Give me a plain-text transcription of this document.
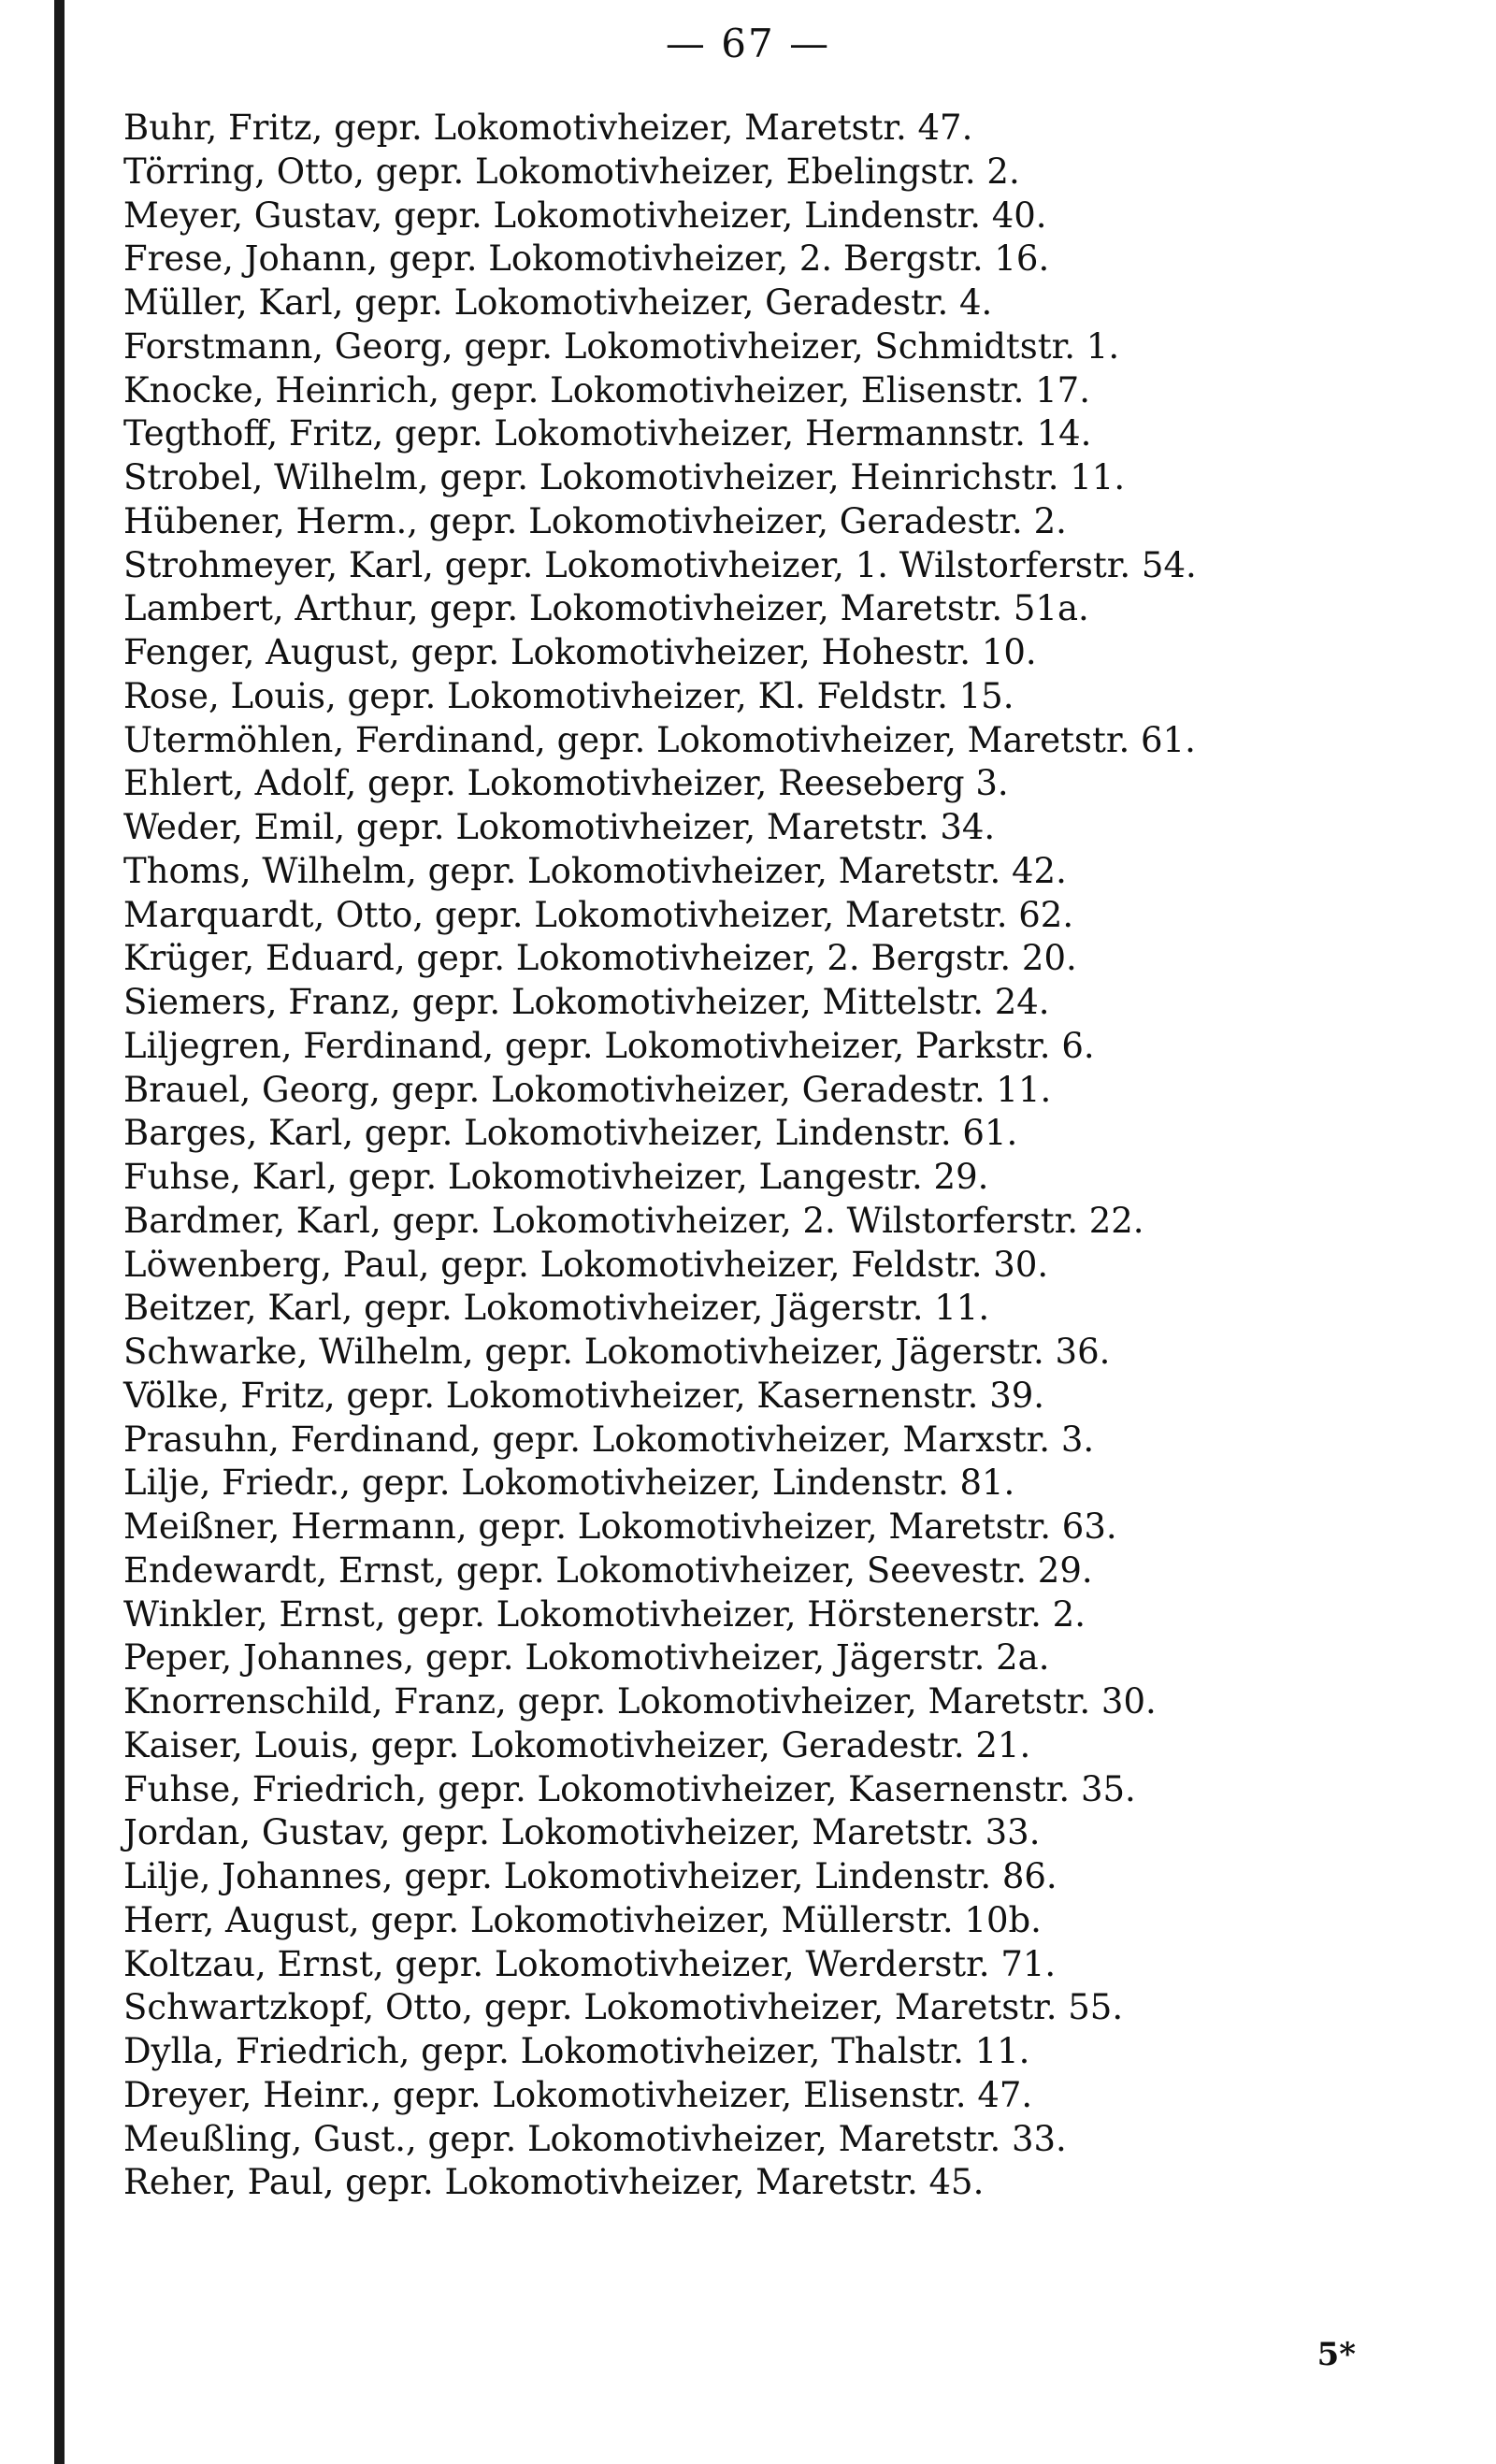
— 67 —
Buhr, Fritz, gepr. Lokomotivheizer, Maretstr. 47.
Törring, Otto, gepr. Lokomotivheizer, Ebelingstr. 2.
Meyer, Gustav, gepr. Lokomotivheizer, Lindenstr. 40.
Frese, Johann, gepr. Lokomotivheizer, 2. Bergstr. 16.
Müller, Karl, gepr. Lokomotivheizer, Geradestr. 4.
Forstmann, Georg, gepr. Lokomotivheizer, Schmidtstr. 1.
Knocke, Heinrich, gepr. Lokomotivheizer, Elisenstr. 17.
Tegthoff, Fritz, gepr. Lokomotivheizer, Hermannstr. 14.
Strobel, Wilhelm, gepr. Lokomotivheizer, Heinrichstr. 11.
Hübener, Herm., gepr. Lokomotivheizer, Geradestr. 2.
Strohmeyer, Karl, gepr. Lokomotivheizer, 1. Wilstorferstr. 54.
Lambert, Arthur, gepr. Lokomotivheizer, Maretstr. 51a.
Fenger, August, gepr. Lokomotivheizer, Hohestr. 10.
Rose, Louis, gepr. Lokomotivheizer, Kl. Feldstr. 15.
Utermöhlen, Ferdinand, gepr. Lokomotivheizer, Maretstr. 61.
Ehlert, Adolf, gepr. Lokomotivheizer, Reeseberg 3.
Weder, Emil, gepr. Lokomotivheizer, Maretstr. 34.
Thoms, Wilhelm, gepr. Lokomotivheizer, Maretstr. 42.
Marquardt, Otto, gepr. Lokomotivheizer, Maretstr. 62.
Krüger, Eduard, gepr. Lokomotivheizer, 2. Bergstr. 20.
Siemers, Franz, gepr. Lokomotivheizer, Mittelstr. 24.
Liljegren, Ferdinand, gepr. Lokomotivheizer, Parkstr. 6.
Brauel, Georg, gepr. Lokomotivheizer, Geradestr. 11.
Barges, Karl, gepr. Lokomotivheizer, Lindenstr. 61.
Fuhse, Karl, gepr. Lokomotivheizer, Langestr. 29.
Bardmer, Karl, gepr. Lokomotivheizer, 2. Wilstorferstr. 22.
Löwenberg, Paul, gepr. Lokomotivheizer, Feldstr. 30.
Beitzer, Karl, gepr. Lokomotivheizer, Jägerstr. 11.
Schwarke, Wilhelm, gepr. Lokomotivheizer, Jägerstr. 36.
Völke, Fritz, gepr. Lokomotivheizer, Kasernenstr. 39.
Prasuhn, Ferdinand, gepr. Lokomotivheizer, Marxstr. 3.
Lilje, Friedr., gepr. Lokomotivheizer, Lindenstr. 81.
Meißner, Hermann, gepr. Lokomotivheizer, Maretstr. 63.
Endewardt, Ernst, gepr. Lokomotivheizer, Seevestr. 29.
Winkler, Ernst, gepr. Lokomotivheizer, Hörstenerstr. 2.
Peper, Johannes, gepr. Lokomotivheizer, Jägerstr. 2a.
Knorrenschild, Franz, gepr. Lokomotivheizer, Maretstr. 30.
Kaiser, Louis, gepr. Lokomotivheizer, Geradestr. 21.
Fuhse, Friedrich, gepr. Lokomotivheizer, Kasernenstr. 35.
Jordan, Gustav, gepr. Lokomotivheizer, Maretstr. 33.
Lilje, Johannes, gepr. Lokomotivheizer, Lindenstr. 86.
Herr, August, gepr. Lokomotivheizer, Müllerstr. 10b.
Koltzau, Ernst, gepr. Lokomotivheizer, Werderstr. 71.
Schwartzkopf, Otto, gepr. Lokomotivheizer, Maretstr. 55.
Dylla, Friedrich, gepr. Lokomotivheizer, Thalstr. 11.
Dreyer, Heinr., gepr. Lokomotivheizer, Elisenstr. 47.
Meußling, Gust., gepr. Lokomotivheizer, Maretstr. 33.
Reher, Paul, gepr. Lokomotivheizer, Maretstr. 45.
5*
